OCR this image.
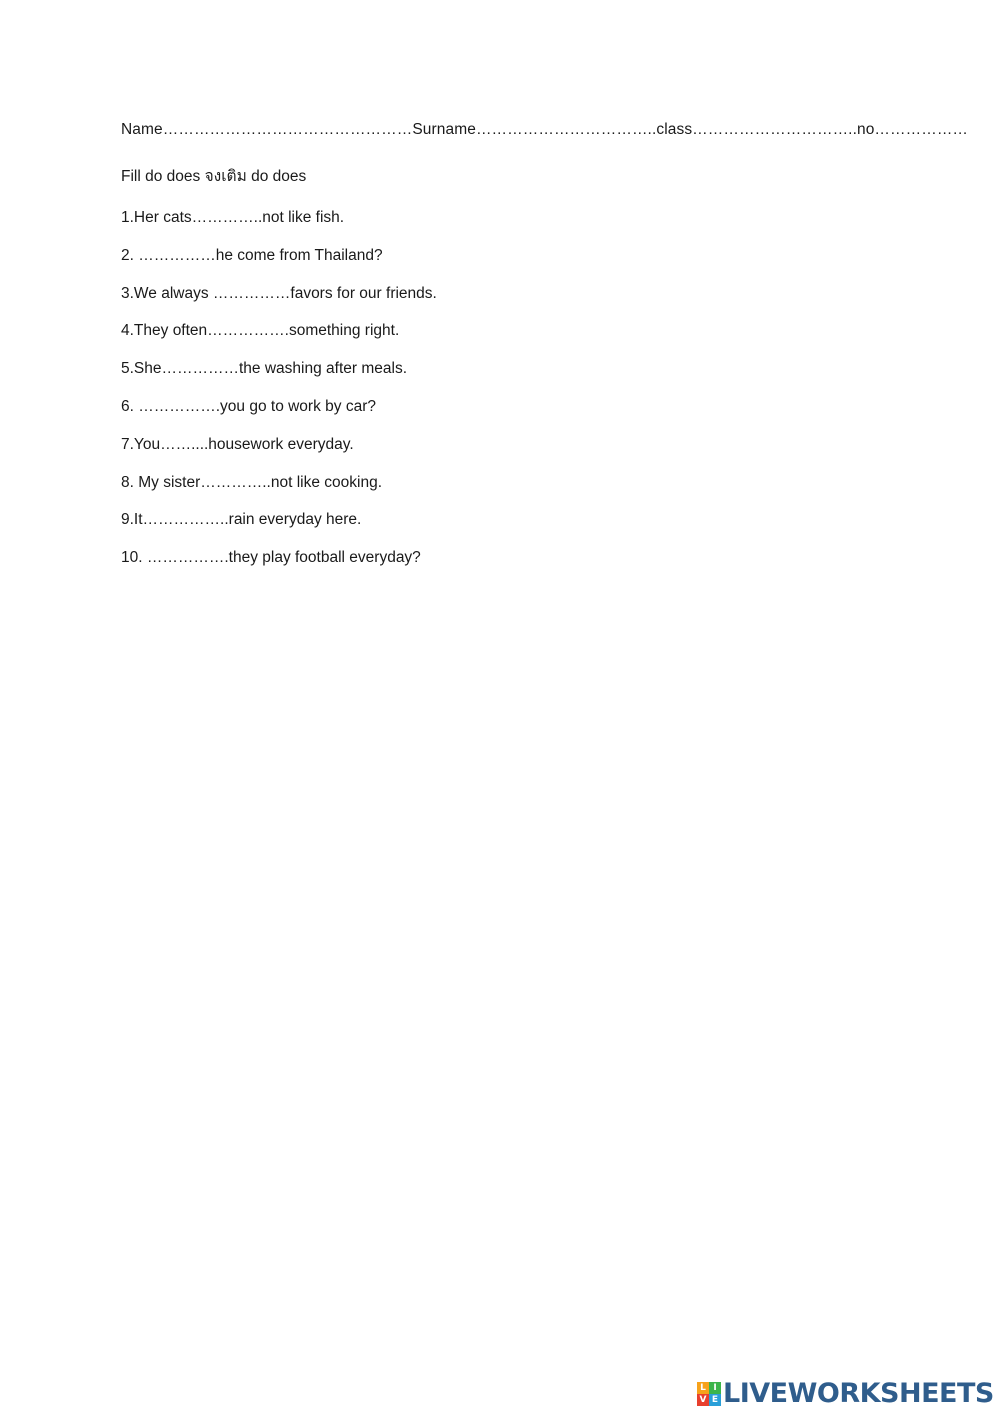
Name…………………………………………Surname……………………………..class…………………………..no………………
Fill do does จงเติม do does
1.Her cats…………..not like fish.
2. ……………he come from Thailand?
3.We always ……………favors for our friends.
4.They often…………….something right.
5.She……………the washing after meals.
6. …………….you go to work by car?
7.You……....housework everyday.
8. My sister…………..not like cooking.
9.It……………..rain everyday here.
10. …………….they play football everyday?
L I
V E LIVEWORKSHEETS
